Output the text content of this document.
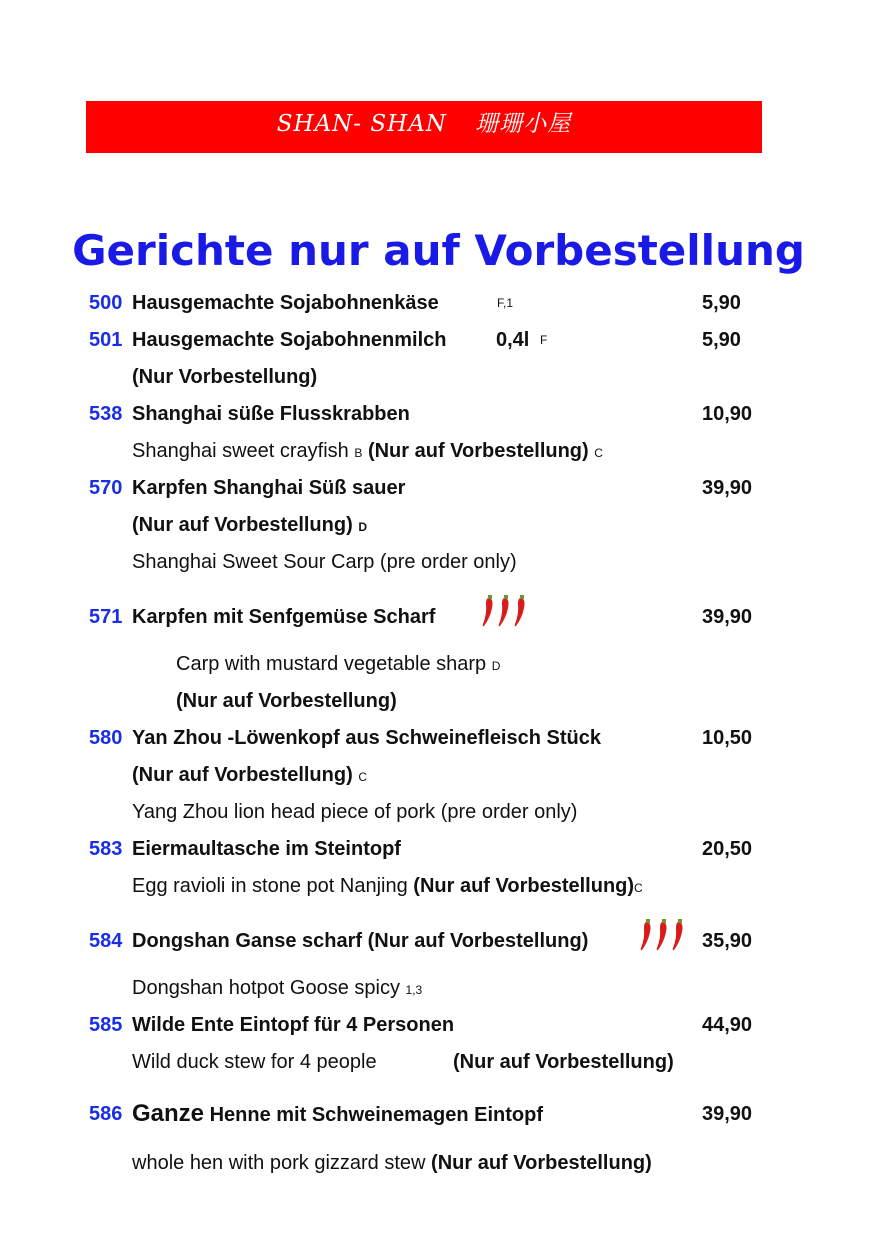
SHAN- SHAN 珊珊小屋
Gerichte nur auf Vorbestellung
500 Hausgemachte Sojabohnenkäse	F,1	5,90
501 Hausgemachte Sojabohnenmilch 0,4l F	5,90
(Nur Vorbestellung)
538 Shanghai süße Flusskrabben	10,90
Shanghai sweet crayfish B (Nur auf Vorbestellung) C
570 Karpfen Shanghai Süß sauer	39,90
(Nur auf Vorbestellung) D
Shanghai Sweet Sour Carp (pre order only)
571 Karpfen mit Senfgemüse Scharf	39,90
Carp with mustard vegetable sharp D
(Nur auf Vorbestellung)
580 Yan Zhou -Löwenkopf aus Schweinefleisch Stück	10,50
(Nur auf Vorbestellung) C
Yang Zhou lion head piece of pork (pre order only)
583 Eiermaultasche im Steintopf	20,50
Egg ravioli in stone pot Nanjing (Nur auf Vorbestellung)C
584 Dongshan Ganse scharf (Nur auf Vorbestellung)	35,90
Dongshan hotpot Goose spicy 1,3
585 Wilde Ente Eintopf für 4 Personen	44,90
Wild duck stew for 4 people	(Nur auf Vorbestellung)
586 Ganze Henne mit Schweinemagen Eintopf	39,90
whole hen with pork gizzard stew (Nur auf Vorbestellung)
